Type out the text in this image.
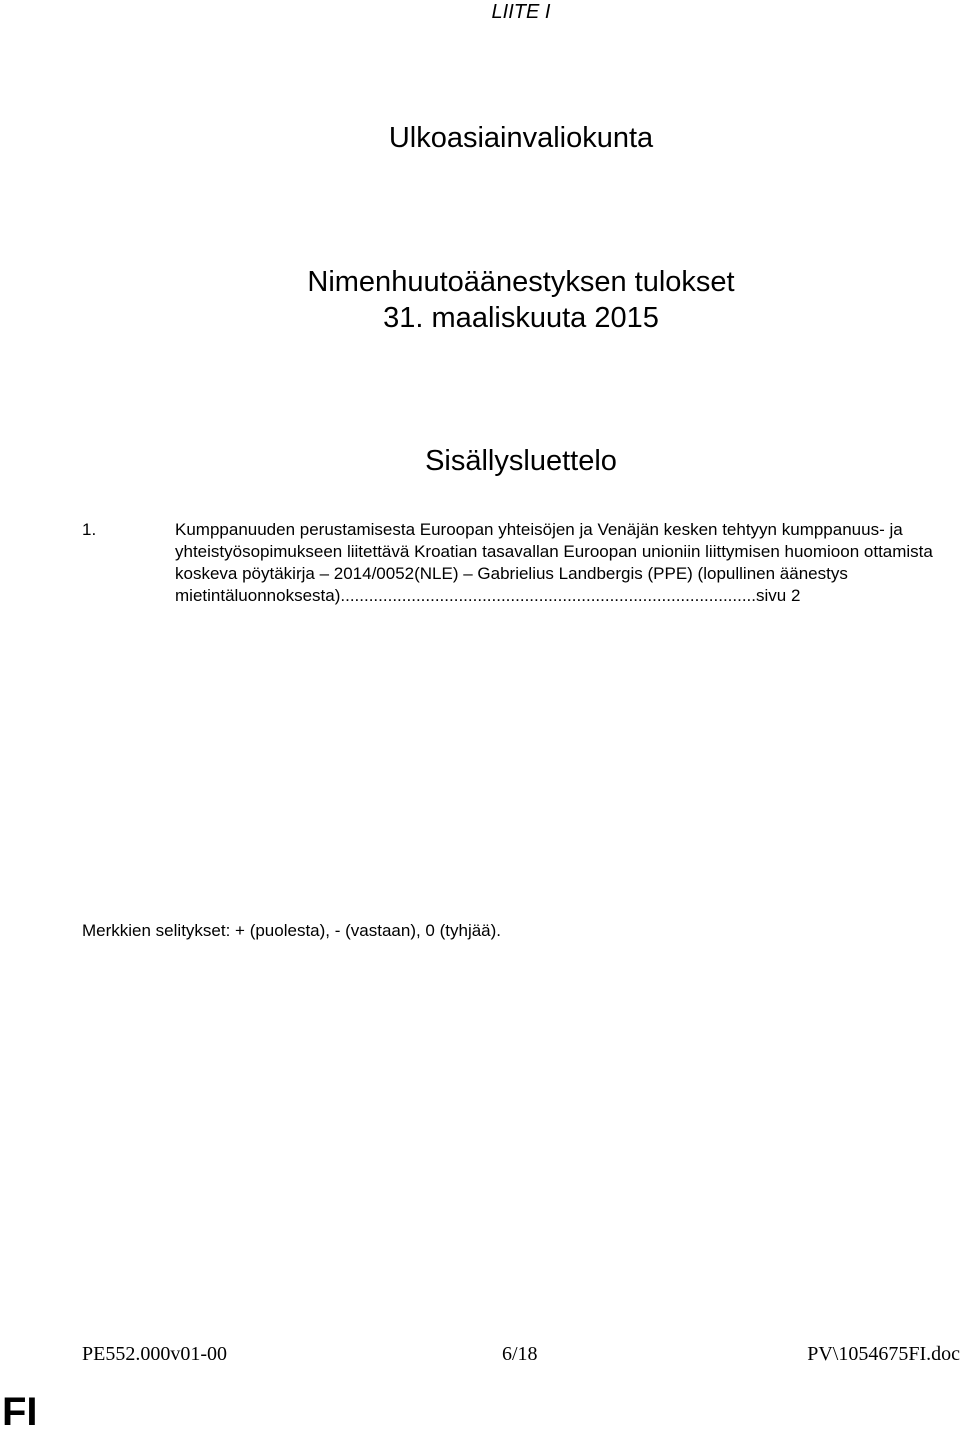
LIITE I
Ulkoasiainvaliokunta
Nimenhuutoäänestyksen tulokset
31. maaliskuuta 2015
Sisällysluettelo
1.	Kumppanuuden perustamisesta Euroopan yhteisöjen ja Venäjän kesken tehtyyn kumppanuus- ja

yhteistyösopimukseen liitettävä Kroatian tasavallan Euroopan unioniin liittymisen huomioon ottamista

koskeva pöytäkirja – 2014/0052(NLE) – Gabrielius Landbergis (PPE) (lopullinen äänestys

mietintäluonnoksesta)........................................................................................sivu 2

Merkkien selitykset: + (puolesta), - (vastaan), 0 (tyhjää).
PE552.000v01-00	6/18	PV\1054675FI.doc
FI
